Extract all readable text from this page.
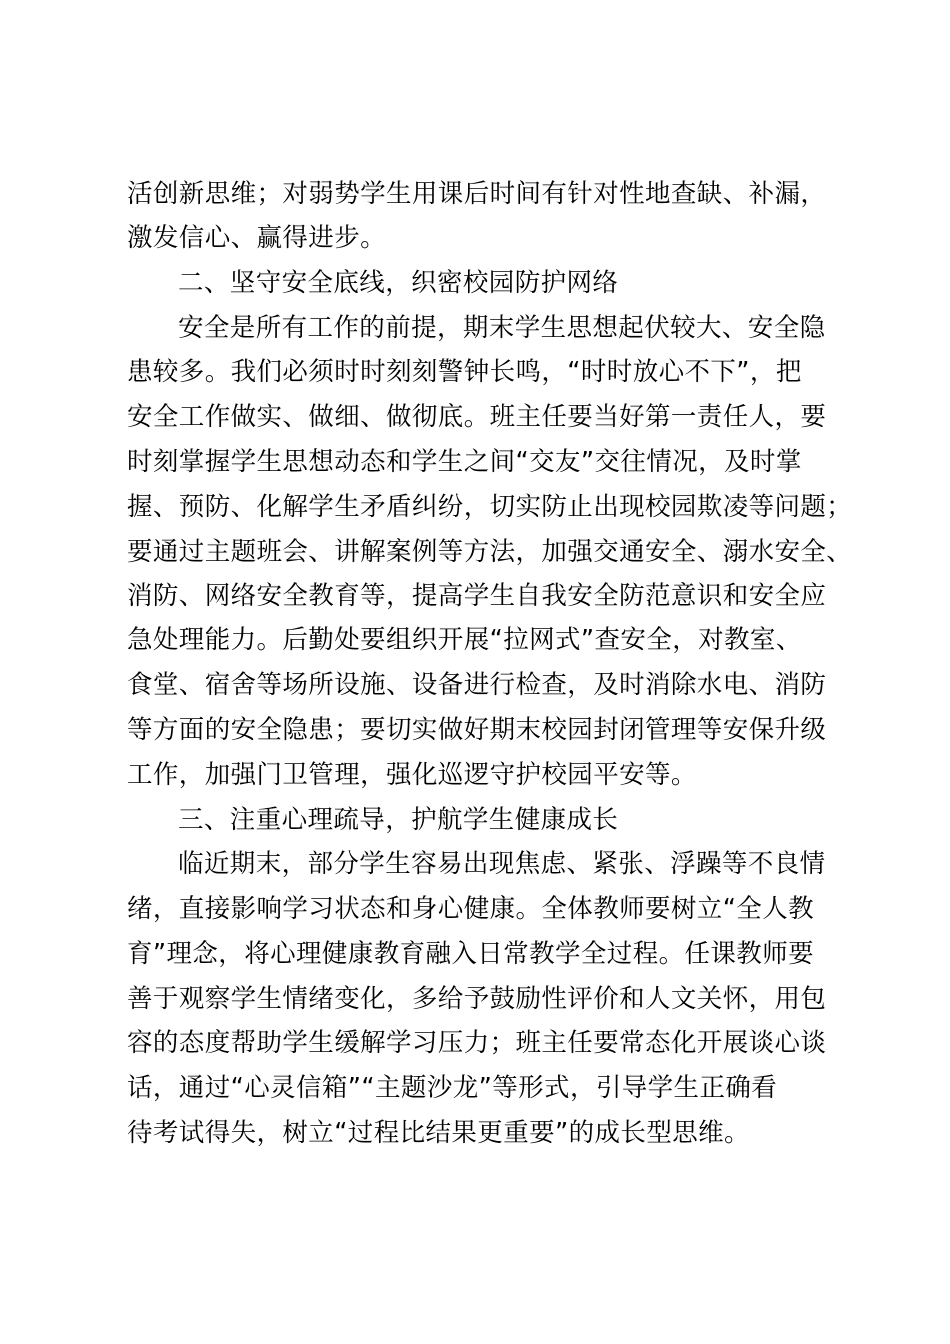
活创新思维；对弱势学生用课后时间有针对性地查缺、补漏，
激发信心、赢得进步。
二、坚守安全底线，织密校园防护网络
安全是所有工作的前提，期末学生思想起伏较大、安全隐
患较多。我们必须时时刻刻警钟长鸣，“时时放心不下”，把
安全工作做实、做细、做彻底。班主任要当好第一责任人，要
时刻掌握学生思想动态和学生之间“交友”交往情况，及时掌
握、预防、化解学生矛盾纠纷，切实防止出现校园欺凌等问题；
要通过主题班会、讲解案例等方法，加强交通安全、溺水安全、
消防、网络安全教育等，提高学生自我安全防范意识和安全应
急处理能力。后勤处要组织开展“拉网式”查安全，对教室、
食堂、宿舍等场所设施、设备进行检查，及时消除水电、消防
等方面的安全隐患；要切实做好期末校园封闭管理等安保升级
工作，加强门卫管理，强化巡逻守护校园平安等。
三、注重心理疏导，护航学生健康成长
临近期末，部分学生容易出现焦虑、紧张、浮躁等不良情
绪，直接影响学习状态和身心健康。全体教师要树立“全人教
育”理念，将心理健康教育融入日常教学全过程。任课教师要
善于观察学生情绪变化，多给予鼓励性评价和人文关怀，用包
容的态度帮助学生缓解学习压力；班主任要常态化开展谈心谈
话，通过“心灵信箱”“主题沙龙”等形式，引导学生正确看
待考试得失，树立“过程比结果更重要”的成长型思维。
